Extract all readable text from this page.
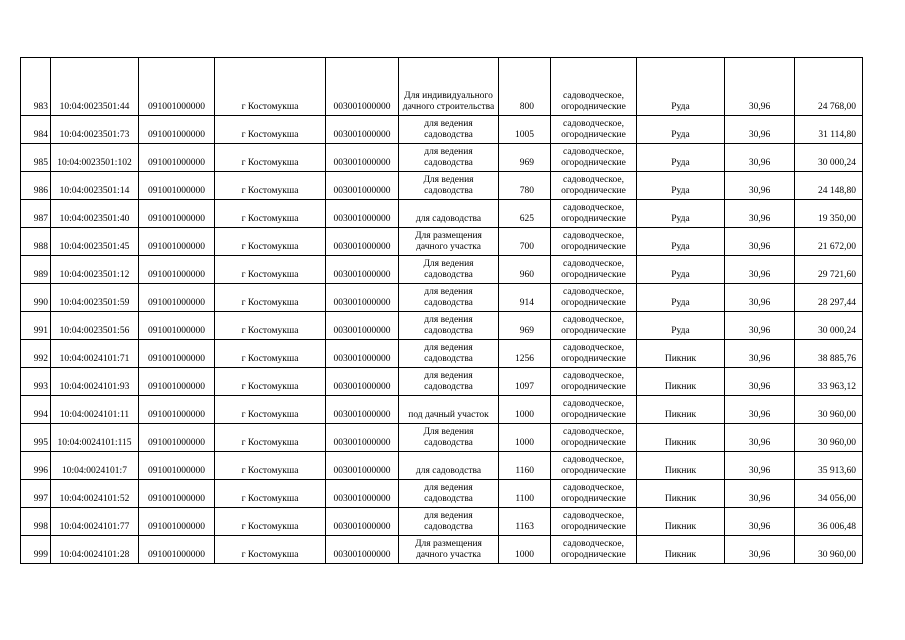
983	10:04:0023501:44	091001000000	г Костомукша	003001000000	Для индивидуального дачного строительства	800	садоводческое, огороднические	Руда	30,96	24 768,00
984	10:04:0023501:73	091001000000	г Костомукша	003001000000	для ведения садоводства	1005	садоводческое, огороднические	Руда	30,96	31 114,80
985	10:04:0023501:102	091001000000	г Костомукша	003001000000	для ведения садоводства	969	садоводческое, огороднические	Руда	30,96	30 000,24
986	10:04:0023501:14	091001000000	г Костомукша	003001000000	Для ведения садоводства	780	садоводческое, огороднические	Руда	30,96	24 148,80
987	10:04:0023501:40	091001000000	г Костомукша	003001000000	для садоводства	625	садоводческое, огороднические	Руда	30,96	19 350,00
988	10:04:0023501:45	091001000000	г Костомукша	003001000000	Для размещения дачного участка	700	садоводческое, огороднические	Руда	30,96	21 672,00
989	10:04:0023501:12	091001000000	г Костомукша	003001000000	Для ведения садоводства	960	садоводческое, огороднические	Руда	30,96	29 721,60
990	10:04:0023501:59	091001000000	г Костомукша	003001000000	для ведения садоводства	914	садоводческое, огороднические	Руда	30,96	28 297,44
991	10:04:0023501:56	091001000000	г Костомукша	003001000000	для ведения садоводства	969	садоводческое, огороднические	Руда	30,96	30 000,24
992	10:04:0024101:71	091001000000	г Костомукша	003001000000	для ведения садоводства	1256	садоводческое, огороднические	Пикник	30,96	38 885,76
993	10:04:0024101:93	091001000000	г Костомукша	003001000000	для ведения садоводства	1097	садоводческое, огороднические	Пикник	30,96	33 963,12
994	10:04:0024101:11	091001000000	г Костомукша	003001000000	под дачный участок	1000	садоводческое, огороднические	Пикник	30,96	30 960,00
995	10:04:0024101:115	091001000000	г Костомукша	003001000000	Для ведения садоводства	1000	садоводческое, огороднические	Пикник	30,96	30 960,00
996	10:04:0024101:7	091001000000	г Костомукша	003001000000	для садоводства	1160	садоводческое, огороднические	Пикник	30,96	35 913,60
997	10:04:0024101:52	091001000000	г Костомукша	003001000000	для ведения садоводства	1100	садоводческое, огороднические	Пикник	30,96	34 056,00
998	10:04:0024101:77	091001000000	г Костомукша	003001000000	для ведения садоводства	1163	садоводческое, огороднические	Пикник	30,96	36 006,48
999	10:04:0024101:28	091001000000	г Костомукша	003001000000	Для размещения дачного участка	1000	садоводческое, огороднические	Пикник	30,96	30 960,00
